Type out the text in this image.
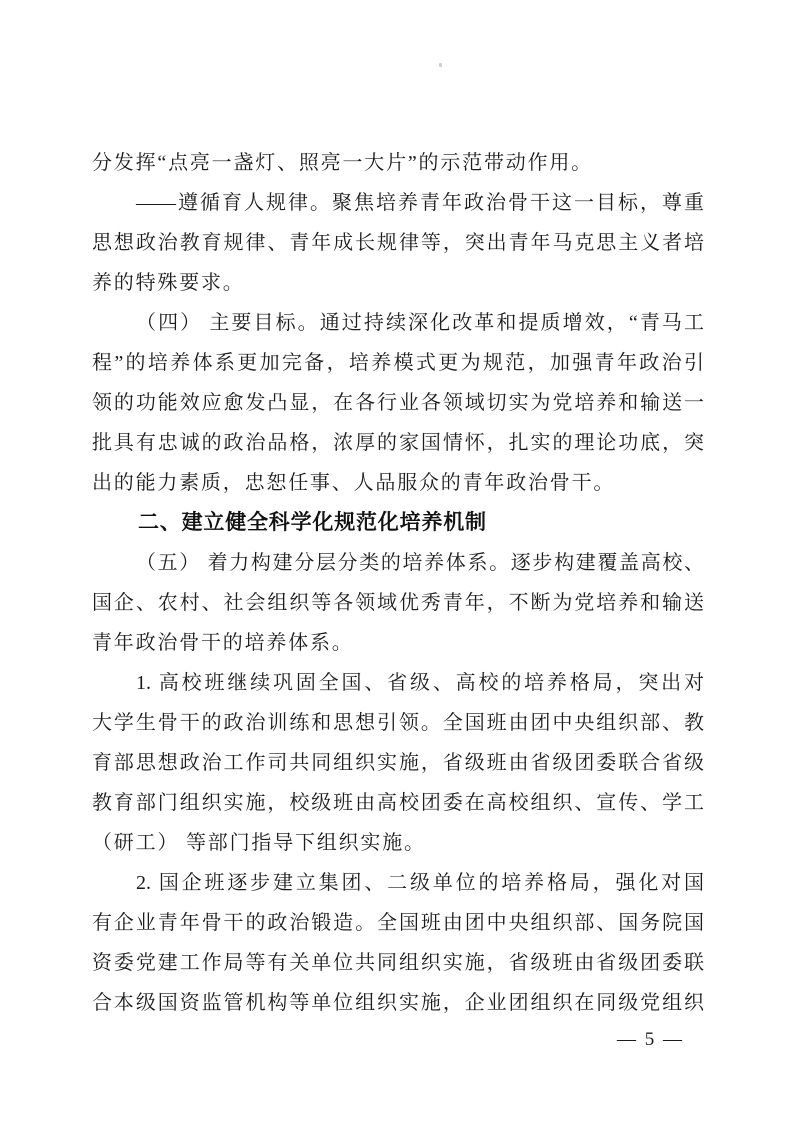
分发挥“点亮一盏灯、照亮一大片”的示范带动作用。

——遵循育人规律。聚焦培养青年政治骨干这一目标，尊重

思想政治教育规律、青年成长规律等，突出青年马克思主义者培

养的特殊要求。

（四） 主要目标。通过持续深化改革和提质增效，“青马工

程”的培养体系更加完备，培养模式更为规范，加强青年政治引

领的功能效应愈发凸显，在各行业各领域切实为党培养和输送一

批具有忠诚的政治品格，浓厚的家国情怀，扎实的理论功底，突

出的能力素质，忠恕任事、人品服众的青年政治骨干。

二、建立健全科学化规范化培养机制

（五） 着力构建分层分类的培养体系。逐步构建覆盖高校、

国企、农村、社会组织等各领域优秀青年，不断为党培养和输送

青年政治骨干的培养体系。

1. 高校班继续巩固全国、省级、高校的培养格局，突出对

大学生骨干的政治训练和思想引领。全国班由团中央组织部、教

育部思想政治工作司共同组织实施，省级班由省级团委联合省级

教育部门组织实施，校级班由高校团委在高校组织、宣传、学工

（研工） 等部门指导下组织实施。

2. 国企班逐步建立集团、二级单位的培养格局，强化对国

有企业青年骨干的政治锻造。全国班由团中央组织部、国务院国

资委党建工作局等有关单位共同组织实施，省级班由省级团委联

合本级国资监管机构等单位组织实施，企业团组织在同级党组织

— 5 —
